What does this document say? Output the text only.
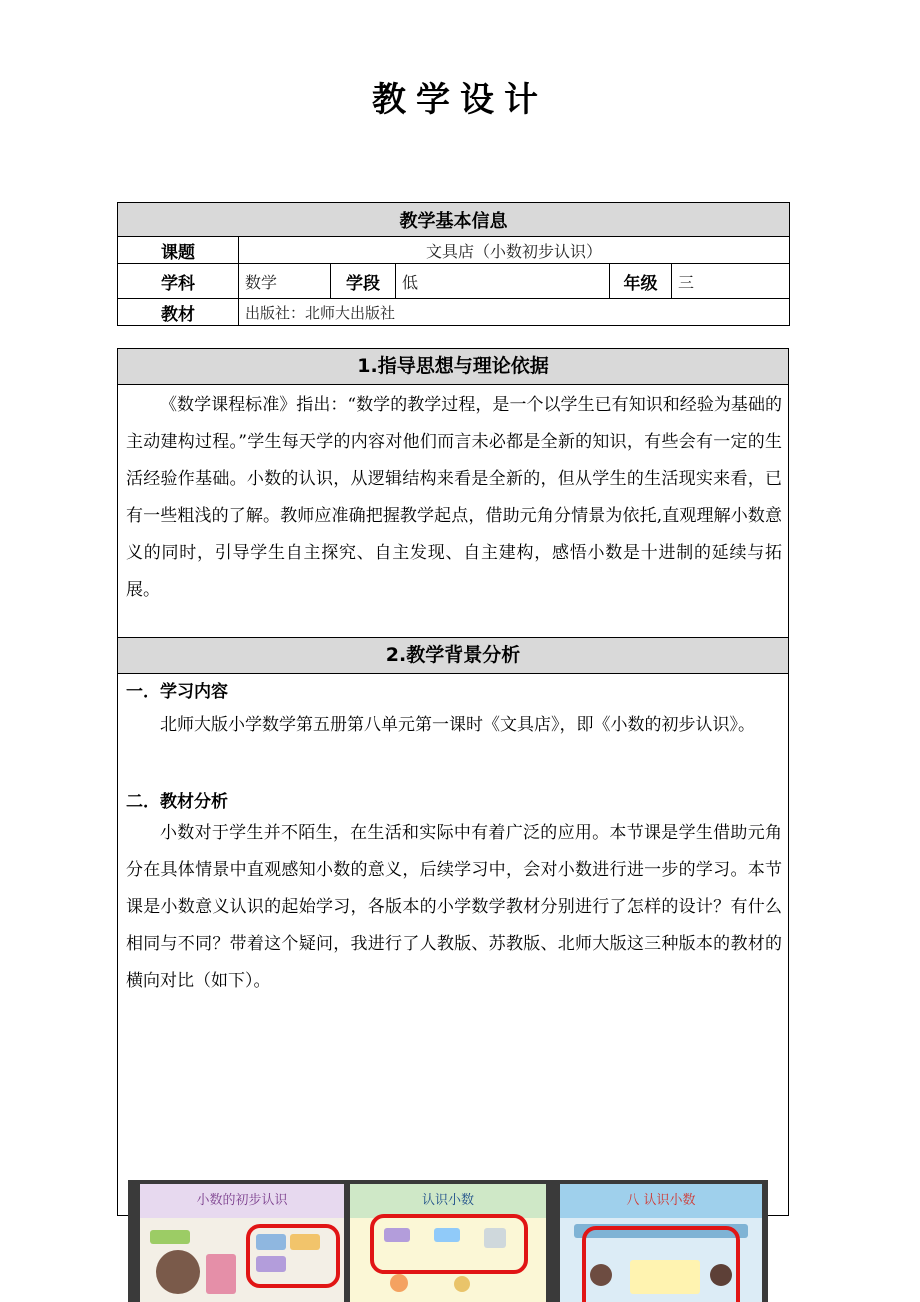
教学设计
教学基本信息					
课题	文具店（小数初步认识）				
学科	数学	学段	低	年级	三
教材	出版社：北师大出版社				
1.指导思想与理论依据

《数学课程标准》指出：“数学的教学过程，是一个以学生已有知识和经验为基础的主动建构过程。”学生每天学的内容对他们而言未必都是全新的知识，有些会有一定的生活经验作基础。小数的认识，从逻辑结构来看是全新的，但从学生的生活现实来看，已有一些粗浅的了解。教师应准确把握教学起点，借助元角分情景为依托,直观理解小数意义的同时，引导学生自主探究、自主发现、自主建构，感悟小数是十进制的延续与拓展。

2.教学背景分析
一．学习内容

北师大版小学数学第五册第八单元第一课时《文具店》，即《小数的初步认识》。

二．教材分析

小数对于学生并不陌生，在生活和实际中有着广泛的应用。本节课是学生借助元角分在具体情景中直观感知小数的意义，后续学习中，会对小数进行进一步的学习。本节课是小数意义认识的起始学习，各版本的小学数学教材分别进行了怎样的设计？有什么相同与不同？带着这个疑问，我进行了人教版、苏教版、北师大版这三种版本的教材的横向对比（如下）。

小数的初步认识	认识小数	八 认识小数
